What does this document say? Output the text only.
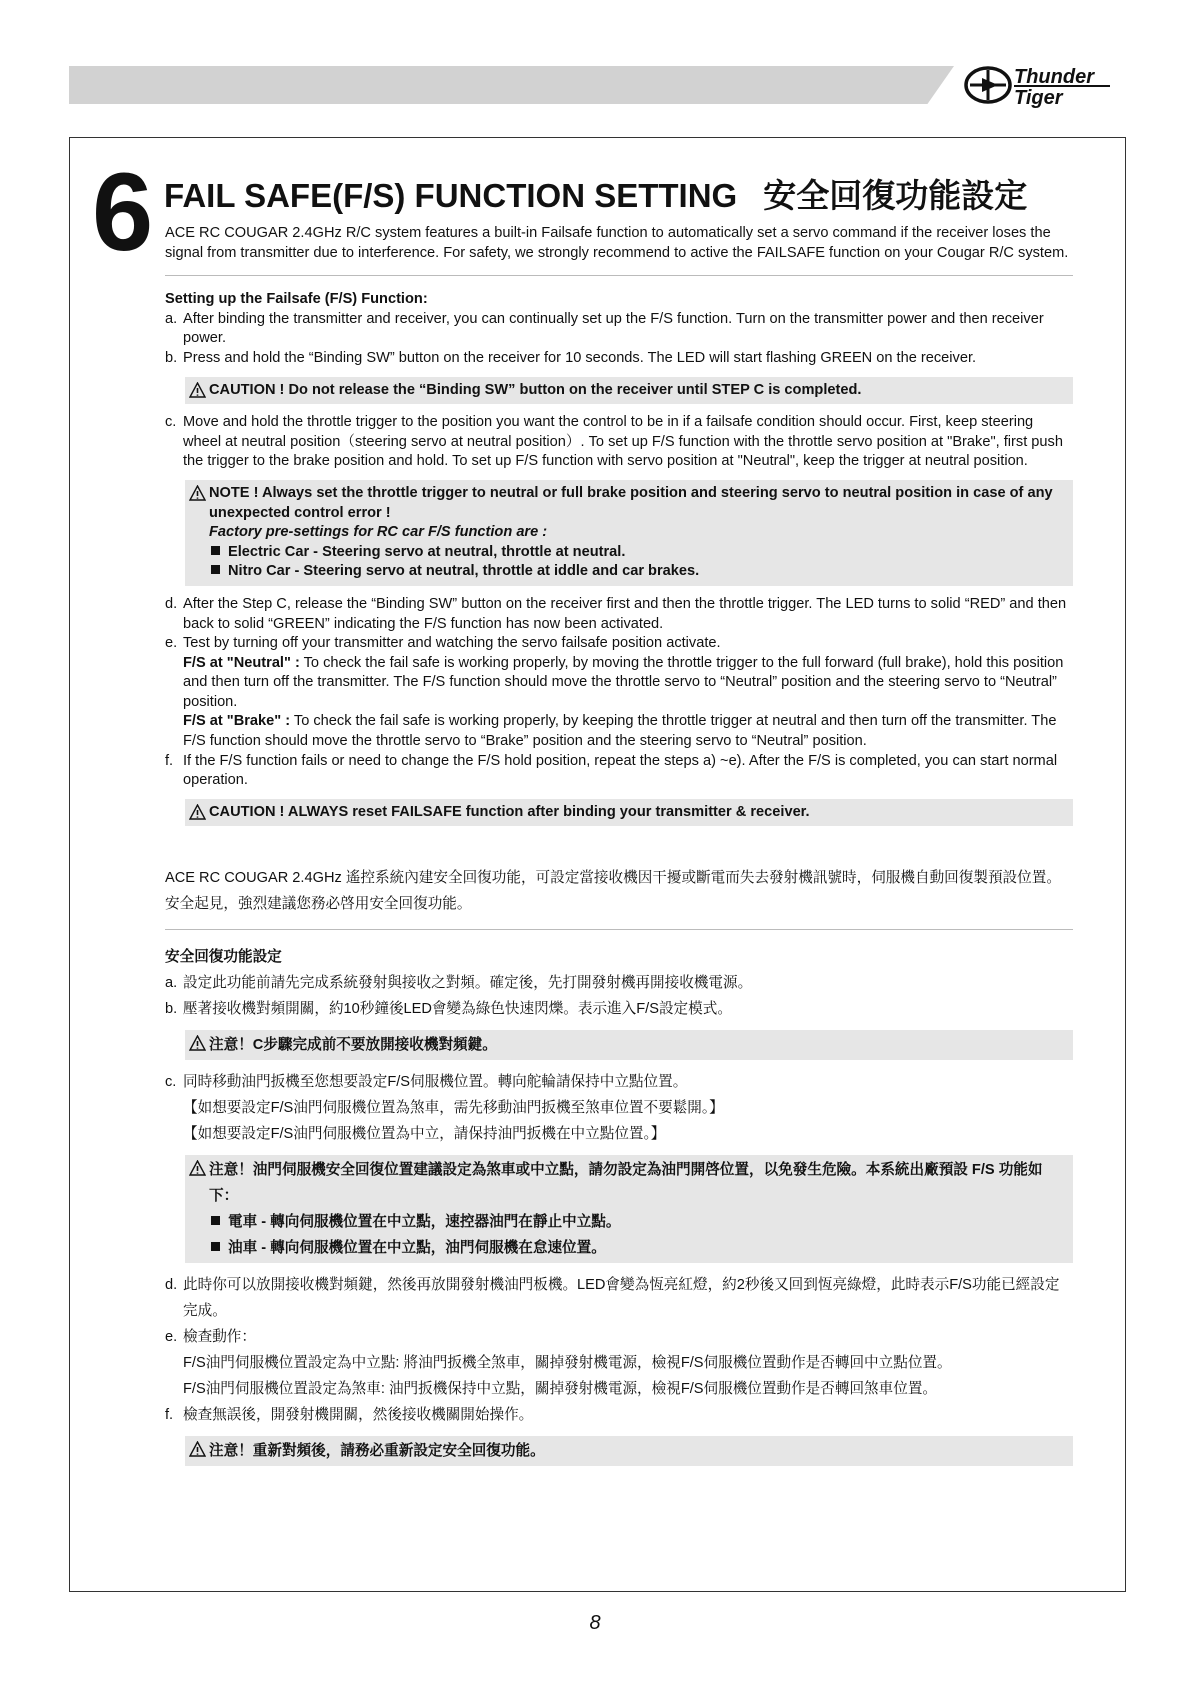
Thunder
Tiger
6 FAIL SAFE(F/S) FUNCTION SETTING 安全回復功能設定

ACE RC COUGAR 2.4GHz R/C system features a built-in Failsafe function to automatically set a servo command if the receiver loses the signal from transmitter due to interference. For safety, we strongly recommend to active the FAILSAFE function on your Cougar R/C system.

Setting up the Failsafe (F/S) Function:

a. After binding the transmitter and receiver, you can continually set up the F/S function. Turn on the transmitter power and then receiver power.
b. Press and hold the “Binding SW” button on the receiver for 10 seconds. The LED will start flashing GREEN on the receiver.
CAUTION ! Do not release the “Binding SW” button on the receiver until STEP C is completed.
c. Move and hold the throttle trigger to the position you want the control to be in if a failsafe condition should occur. First, keep steering wheel at neutral position（steering servo at neutral position）. To set up F/S function with the throttle servo position at "Brake", first push the trigger to the brake position and hold. To set up F/S function with servo position at "Neutral", keep the trigger at neutral position.
NOTE ! Always set the throttle trigger to neutral or full brake position and steering servo to neutral position in case of any unexpected control error !
Factory pre-settings for RC car F/S function are :
Electric Car - Steering servo at neutral, throttle at neutral.
Nitro Car - Steering servo at neutral, throttle at iddle and car brakes.
d. After the Step C, release the “Binding SW” button on the receiver first and then the throttle trigger. The LED turns to solid “RED” and then back to solid “GREEN” indicating the F/S function has now been activated.
e. Test by turning off your transmitter and watching the servo failsafe position activate.

F/S at "Neutral" : To check the fail safe is working properly, by moving the throttle trigger to the full forward (full brake), hold this position and then turn off the transmitter. The F/S function should move the throttle servo to “Neutral” position and the steering servo to “Neutral” position.

F/S at "Brake" : To check the fail safe is working properly, by keeping the throttle trigger at neutral and then turn off the transmitter. The F/S function should move the throttle servo to “Brake” position and the steering servo to “Neutral” position.

f. If the F/S function fails or need to change the F/S hold position, repeat the steps a) ~e). After the F/S is completed, you can start normal operation.
CAUTION ! ALWAYS reset FAILSAFE function after binding your transmitter & receiver.

ACE RC COUGAR 2.4GHz 遙控系統內建安全回復功能，可設定當接收機因干擾或斷電而失去發射機訊號時，伺服機自動回復製預設位置。安全起見，強烈建議您務必啓用安全回復功能。

安全回復功能設定

a. 設定此功能前請先完成系統發射與接收之對頻。確定後，先打開發射機再開接收機電源。
b. 壓著接收機對頻開關，約10秒鐘後LED會變為綠色快速閃爍。表示進入F/S設定模式。
注意！C步驟完成前不要放開接收機對頻鍵。
c. 同時移動油門扳機至您想要設定F/S伺服機位置。轉向舵輪請保持中立點位置。

【如想要設定F/S油門伺服機位置為煞車，需先移動油門扳機至煞車位置不要鬆開。】

【如想要設定F/S油門伺服機位置為中立，請保持油門扳機在中立點位置。】

注意！油門伺服機安全回復位置建議設定為煞車或中立點，請勿設定為油門開啓位置，以免發生危險。本系統出廠預設 F/S 功能如下：
電車 - 轉向伺服機位置在中立點，速控器油門在靜止中立點。
油車 - 轉向伺服機位置在中立點，油門伺服機在怠速位置。
d. 此時你可以放開接收機對頻鍵，然後再放開發射機油門板機。LED會變為恆亮紅燈，約2秒後又回到恆亮綠燈，此時表示F/S功能已經設定完成。
e. 檢查動作：

F/S油門伺服機位置設定為中立點: 將油門扳機全煞車，關掉發射機電源，檢視F/S伺服機位置動作是否轉回中立點位置。

F/S油門伺服機位置設定為煞車: 油門扳機保持中立點，關掉發射機電源，檢視F/S伺服機位置動作是否轉回煞車位置。

f. 檢查無誤後，開發射機開關，然後接收機關開始操作。
注意！重新對頻後，請務必重新設定安全回復功能。
8
